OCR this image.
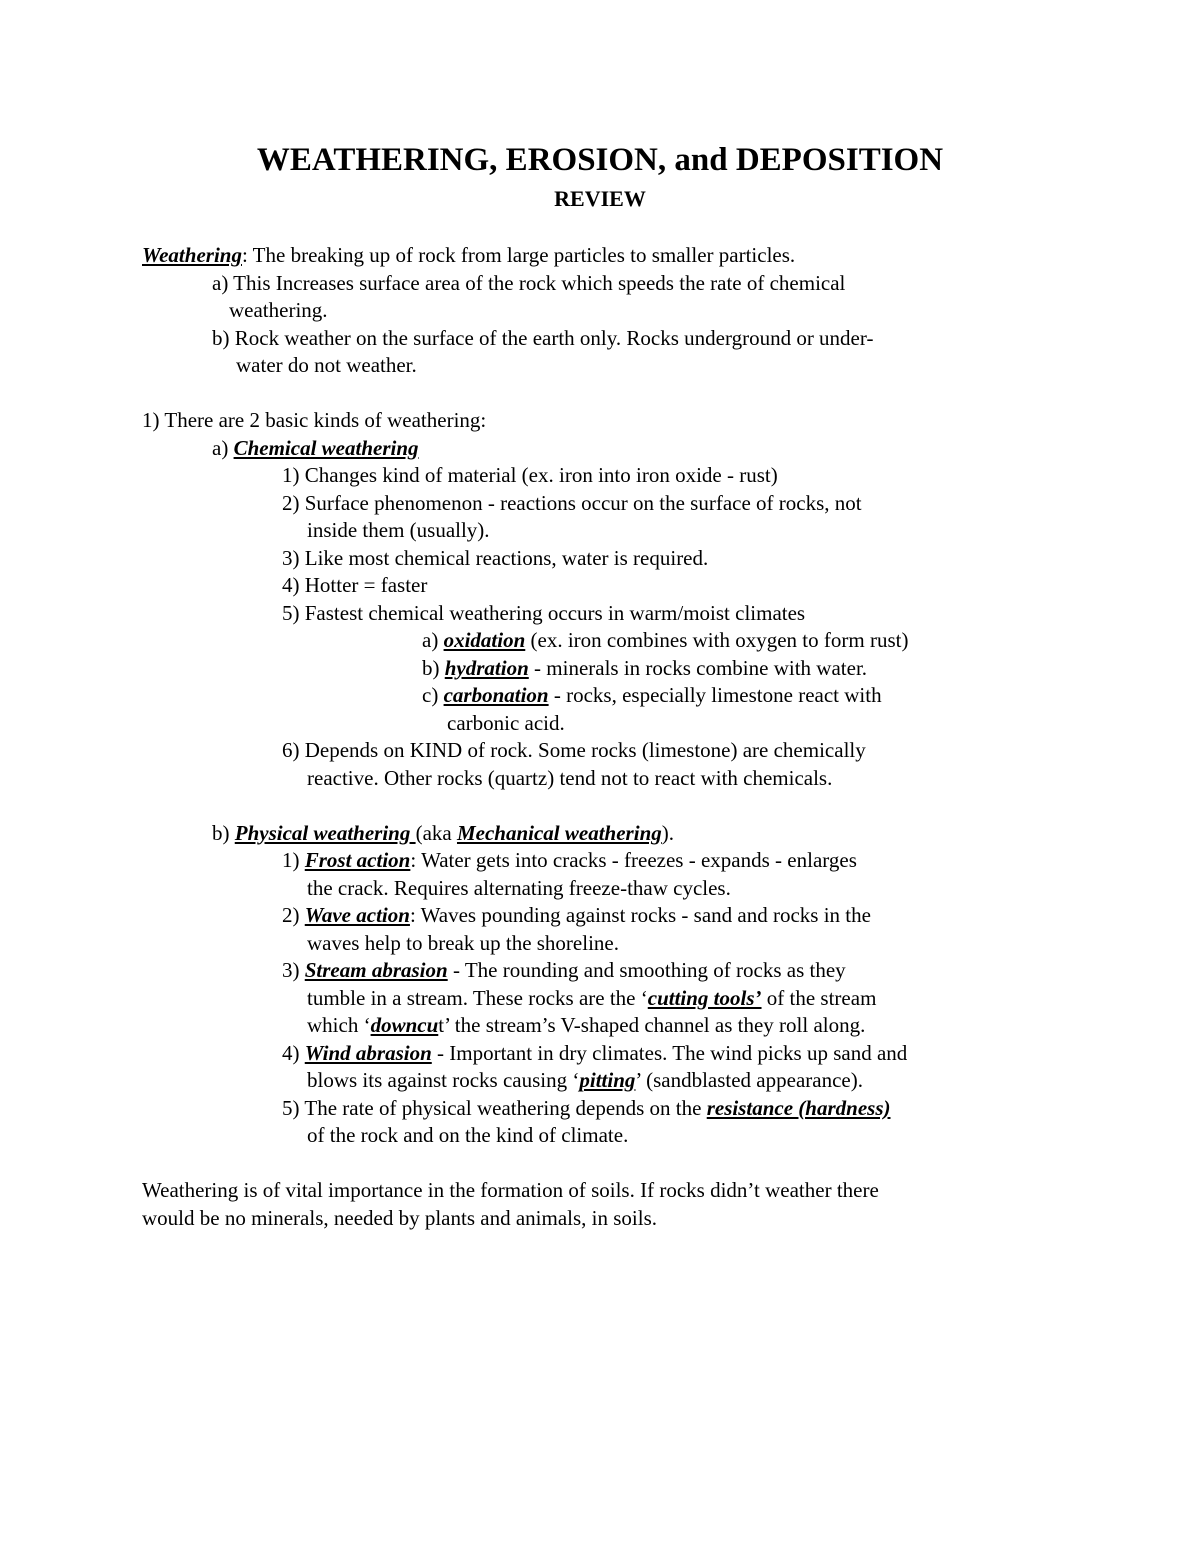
WEATHERING, EROSION, and DEPOSITION
REVIEW
Weathering: The breaking up of rock from large particles to smaller particles.
a) This Increases surface area of the rock which speeds the rate of chemical
weathering.
b) Rock weather on the surface of the earth only. Rocks underground or under-
water do not weather.
1) There are 2 basic kinds of weathering:
a) Chemical weathering
1) Changes kind of material (ex. iron into iron oxide - rust)
2) Surface phenomenon - reactions occur on the surface of rocks, not
inside them (usually).
3) Like most chemical reactions, water is required.
4) Hotter = faster
5) Fastest chemical weathering occurs in warm/moist climates
a) oxidation (ex. iron combines with oxygen to form rust)
b) hydration - minerals in rocks combine with water.
c) carbonation - rocks, especially limestone react with
carbonic acid.
6) Depends on KIND of rock. Some rocks (limestone) are chemically
reactive. Other rocks (quartz) tend not to react with chemicals.
b) Physical weathering (aka Mechanical weathering).
1) Frost action: Water gets into cracks - freezes - expands - enlarges
the crack. Requires alternating freeze-thaw cycles.
2) Wave action: Waves pounding against rocks - sand and rocks in the
waves help to break up the shoreline.
3) Stream abrasion - The rounding and smoothing of rocks as they
tumble in a stream. These rocks are the ‘cutting tools’ of the stream
which ‘downcut’ the stream’s V-shaped channel as they roll along.
4) Wind abrasion - Important in dry climates. The wind picks up sand and
blows its against rocks causing ‘pitting’ (sandblasted appearance).
5) The rate of physical weathering depends on the resistance (hardness)
of the rock and on the kind of climate.
Weathering is of vital importance in the formation of soils. If rocks didn’t weather there
would be no minerals, needed by plants and animals, in soils.
